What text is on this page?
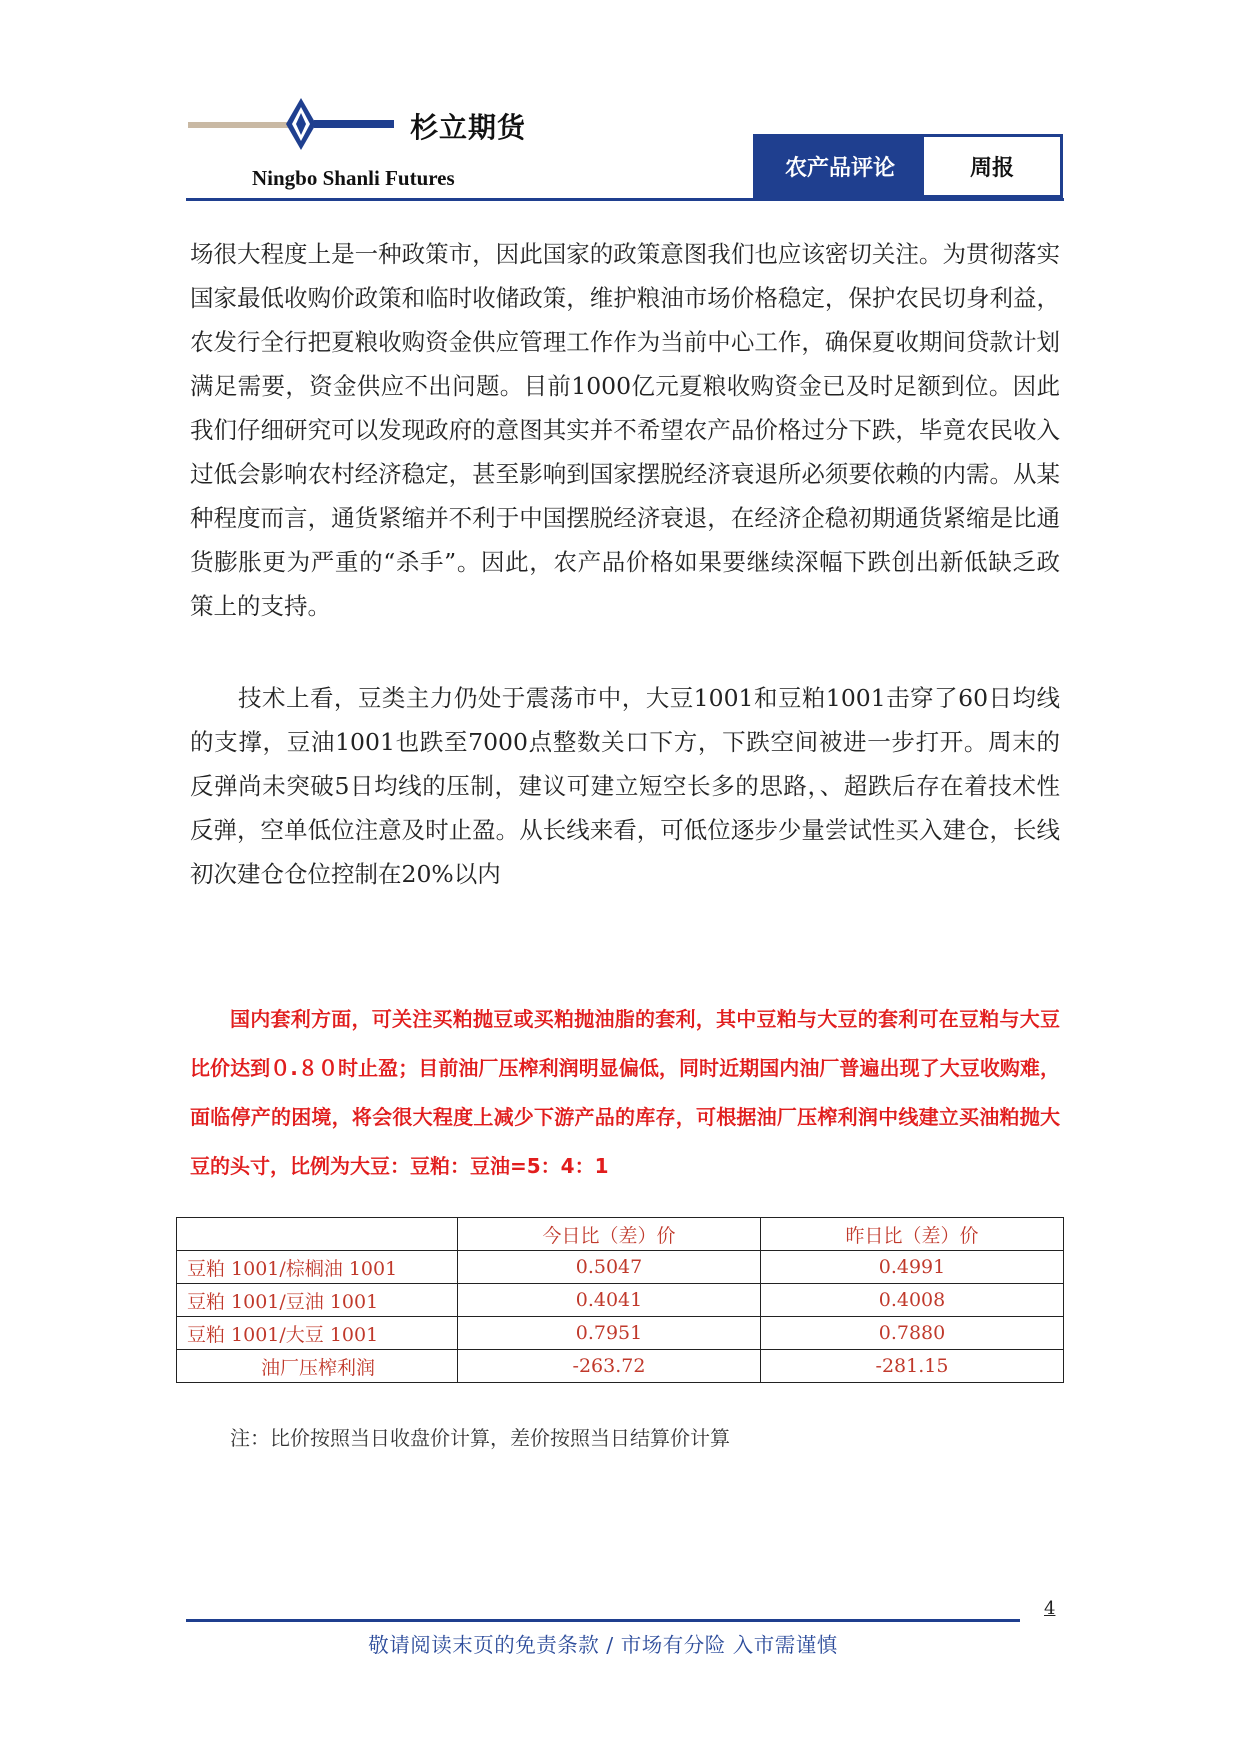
杉立期货
Ningbo Shanli Futures	农产品评论	周报

场很大程度上是一种政策市，因此国家的政策意图我们也应该密切关注。为贯彻落实国家最低收购价政策和临时收储政策，维护粮油市场价格稳定，保护农民切身利益，农发行全行把夏粮收购资金供应管理工作作为当前中心工作，确保夏收期间贷款计划满足需要，资金供应不出问题。目前1000亿元夏粮收购资金已及时足额到位。因此我们仔细研究可以发现政府的意图其实并不希望农产品价格过分下跌，毕竟农民收入过低会影响农村经济稳定，甚至影响到国家摆脱经济衰退所必须要依赖的内需。从某种程度而言，通货紧缩并不利于中国摆脱经济衰退，在经济企稳初期通货紧缩是比通货膨胀更为严重的“杀手”。因此，农产品价格如果要继续深幅下跌创出新低缺乏政策上的支持。

技术上看，豆类主力仍处于震荡市中，大豆1001和豆粕1001击穿了60日均线的支撑，豆油1001也跌至7000点整数关口下方，下跌空间被进一步打开。周末的反弹尚未突破5日均线的压制，建议可建立短空长多的思路，、超跌后存在着技术性反弹，空单低位注意及时止盈。从长线来看，可低位逐步少量尝试性买入建仓，长线初次建仓仓位控制在20%以内

国内套利方面，可关注买粕抛豆或买粕抛油脂的套利，其中豆粕与大豆的套利可在豆粕与大豆比价达到０.８０时止盈；目前油厂压榨利润明显偏低，同时近期国内油厂普遍出现了大豆收购难，面临停产的困境，将会很大程度上减少下游产品的库存，可根据油厂压榨利润中线建立买油粕抛大豆的头寸，比例为大豆：豆粕：豆油=5：4：1

	今日比（差）价	昨日比（差）价
豆粕 1001/棕榈油 1001	0.5047	0.4991
豆粕 1001/豆油 1001	0.4041	0.4008
豆粕 1001/大豆 1001	0.7951	0.7880
油厂压榨利润	-263.72	-281.15
注：比价按照当日收盘价计算，差价按照当日结算价计算
4
敬请阅读末页的免责条款 / 市场有分险 入市需谨慎
